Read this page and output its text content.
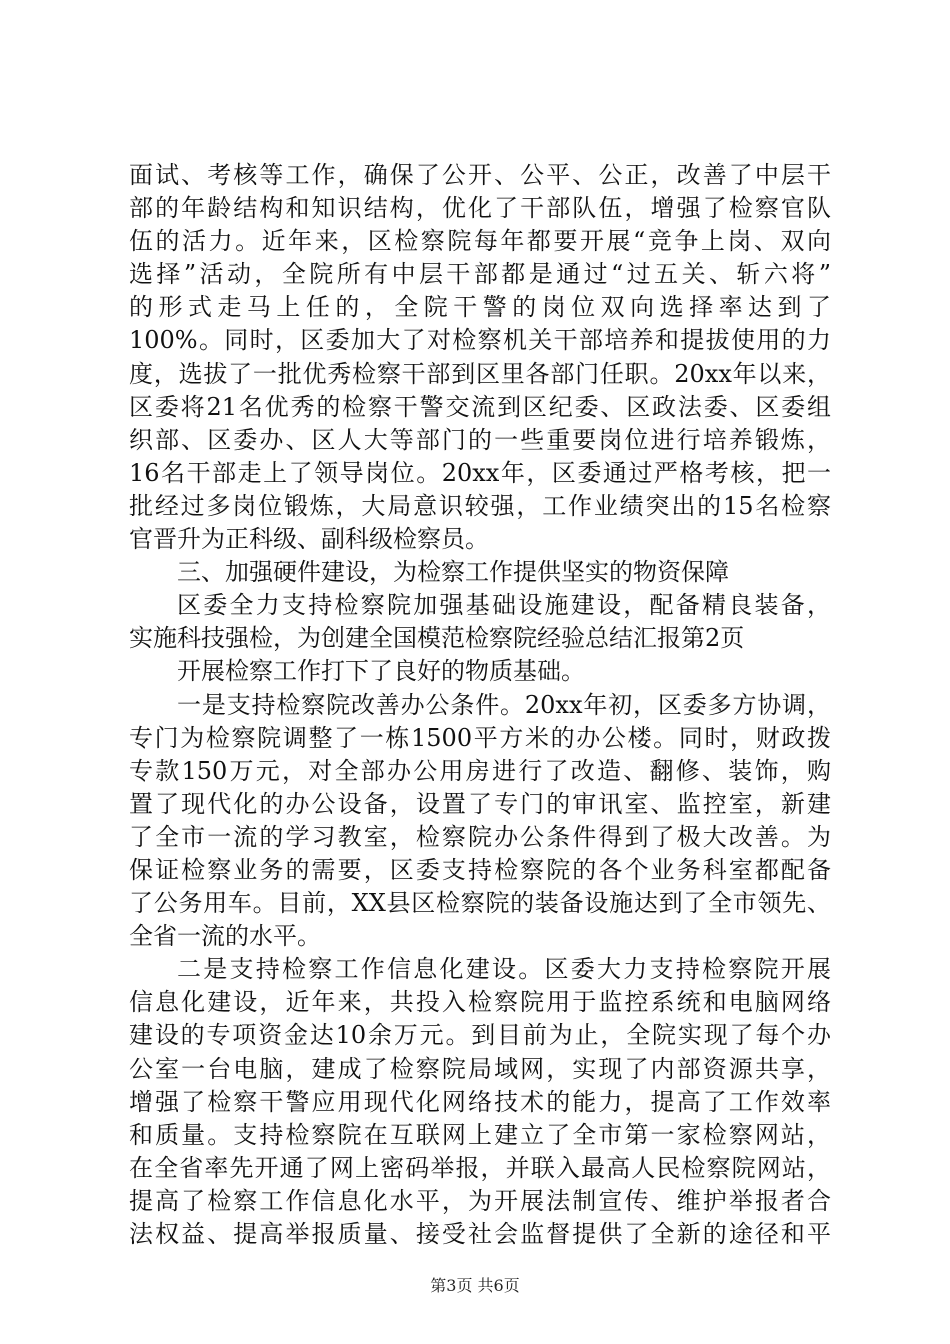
面试、考核等工作，确保了公开、公平、公正，改善了中层干
部的年龄结构和知识结构，优化了干部队伍，增强了检察官队
伍的活力。近年来，区检察院每年都要开展“竞争上岗、双向
选择”活动，全院所有中层干部都是通过“过五关、斩六将”
的形式走马上任的，全院干警的岗位双向选择率达到了
100%。同时，区委加大了对检察机关干部培养和提拔使用的力
度，选拔了一批优秀检察干部到区里各部门任职。20xx年以来，
区委将21名优秀的检察干警交流到区纪委、区政法委、区委组
织部、区委办、区人大等部门的一些重要岗位进行培养锻炼，
16名干部走上了领导岗位。20xx年，区委通过严格考核，把一
批经过多岗位锻炼，大局意识较强，工作业绩突出的15名检察
官晋升为正科级、副科级检察员。
三、加强硬件建设，为检察工作提供坚实的物资保障
区委全力支持检察院加强基础设施建设，配备精良装备，
实施科技强检，为创建全国模范检察院经验总结汇报第2页
开展检察工作打下了良好的物质基础。
一是支持检察院改善办公条件。20xx年初，区委多方协调，
专门为检察院调整了一栋1500平方米的办公楼。同时，财政拨
专款150万元，对全部办公用房进行了改造、翻修、装饰，购
置了现代化的办公设备，设置了专门的审讯室、监控室，新建
了全市一流的学习教室，检察院办公条件得到了极大改善。为
保证检察业务的需要，区委支持检察院的各个业务科室都配备
了公务用车。目前，XX县区检察院的装备设施达到了全市领先、
全省一流的水平。
二是支持检察工作信息化建设。区委大力支持检察院开展
信息化建设，近年来，共投入检察院用于监控系统和电脑网络
建设的专项资金达10余万元。到目前为止，全院实现了每个办
公室一台电脑，建成了检察院局域网，实现了内部资源共享，
增强了检察干警应用现代化网络技术的能力，提高了工作效率
和质量。支持检察院在互联网上建立了全市第一家检察网站，
在全省率先开通了网上密码举报，并联入最高人民检察院网站，
提高了检察工作信息化水平，为开展法制宣传、维护举报者合
法权益、提高举报质量、接受社会监督提供了全新的途径和平
第3页 共6页
